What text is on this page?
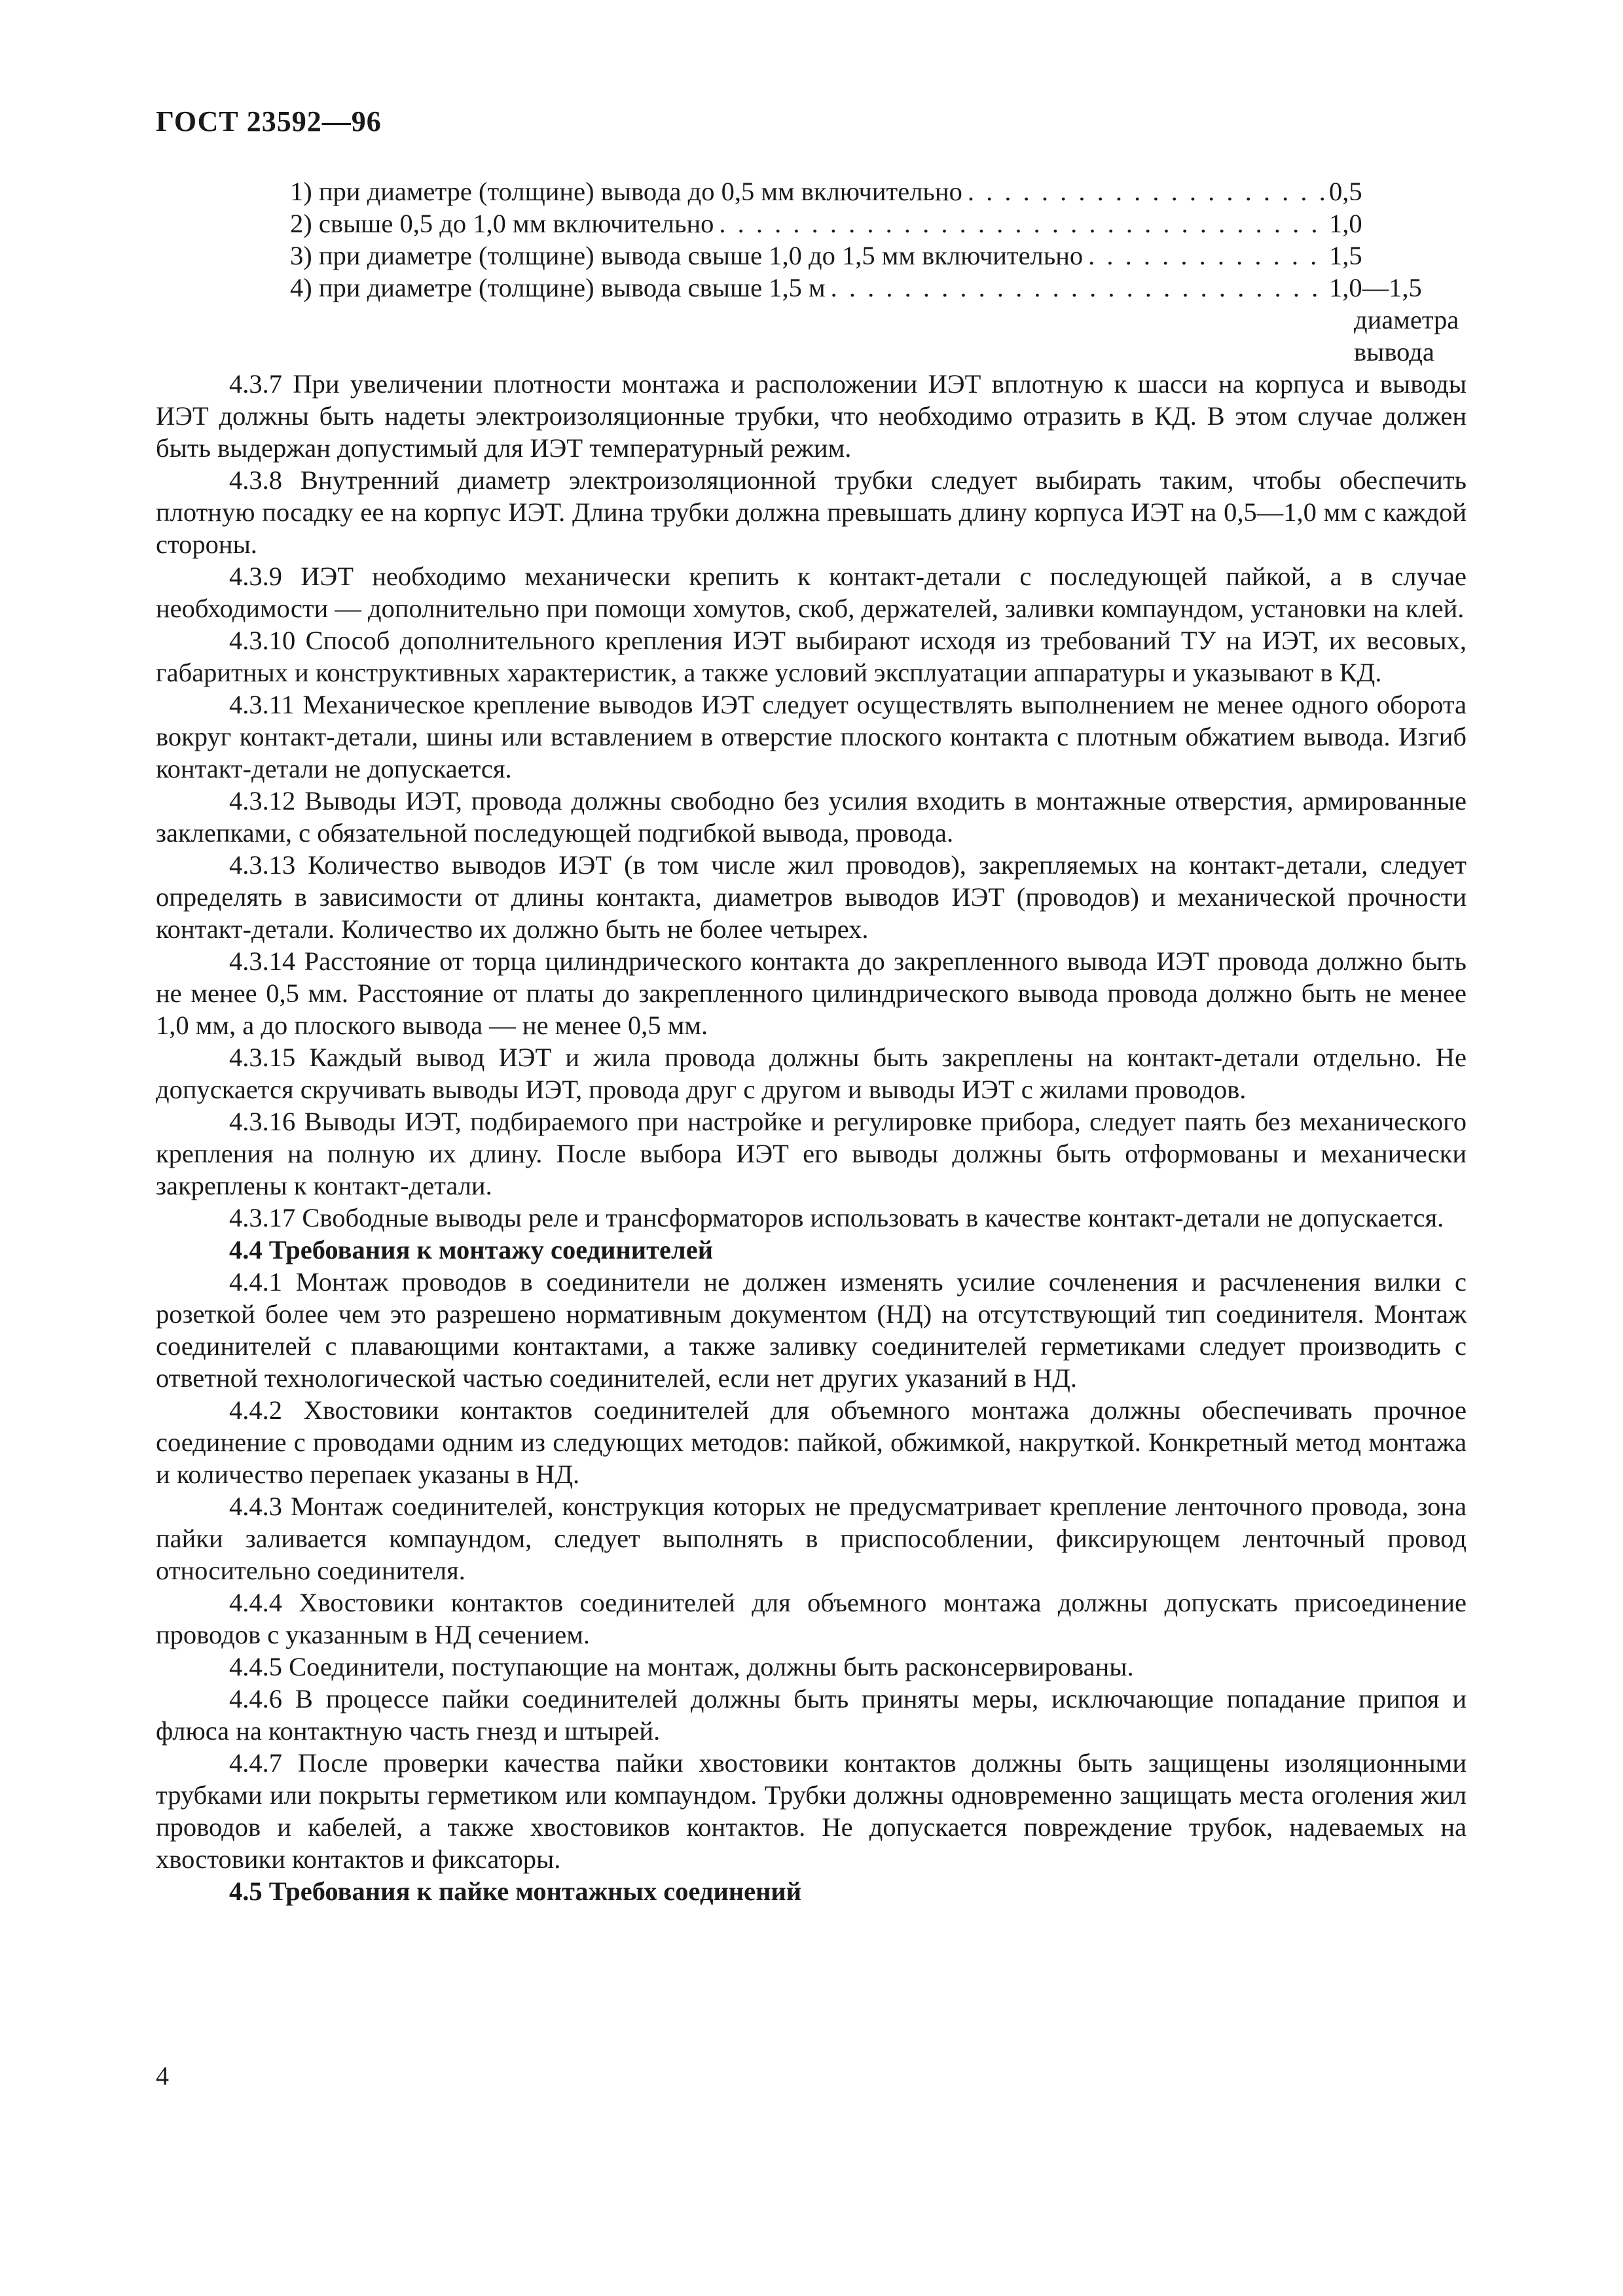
ГОСТ 23592—96
1) при диаметре (толщине) вывода до 0,5 мм включительно . . .	0,5
2) свыше 0,5 до 1,0 мм включительно . . .	1,0
3) при диаметре (толщине) вывода свыше 1,0 до 1,5 мм включительно . . .	1,5
4) при диаметре (толщине) вывода свыше 1,5 м . . .	1,0—1,5
диаметра
вывода

4.3.7 При увеличении плотности монтажа и расположении ИЭТ вплотную к шасси на корпуса и выводы ИЭТ должны быть надеты электроизоляционные трубки, что необходимо отразить в КД. В этом случае должен быть выдержан допустимый для ИЭТ температурный режим.

4.3.8 Внутренний диаметр электроизоляционной трубки следует выбирать таким, чтобы обеспечить плотную посадку ее на корпус ИЭТ. Длина трубки должна превышать длину корпуса ИЭТ на 0,5—1,0 мм с каждой стороны.

4.3.9 ИЭТ необходимо механически крепить к контакт-детали с последующей пайкой, а в случае необходимости — дополнительно при помощи хомутов, скоб, держателей, заливки компаундом, установки на клей.

4.3.10 Способ дополнительного крепления ИЭТ выбирают исходя из требований ТУ на ИЭТ, их весовых, габаритных и конструктивных характеристик, а также условий эксплуатации аппаратуры и указывают в КД.

4.3.11 Механическое крепление выводов ИЭТ следует осуществлять выполнением не менее одного оборота вокруг контакт-детали, шины или вставлением в отверстие плоского контакта с плотным обжатием вывода. Изгиб контакт-детали не допускается.

4.3.12 Выводы ИЭТ, провода должны свободно без усилия входить в монтажные отверстия, армированные заклепками, с обязательной последующей подгибкой вывода, провода.

4.3.13 Количество выводов ИЭТ (в том числе жил проводов), закрепляемых на контакт-детали, следует определять в зависимости от длины контакта, диаметров выводов ИЭТ (проводов) и механической прочности контакт-детали. Количество их должно быть не более четырех.

4.3.14 Расстояние от торца цилиндрического контакта до закрепленного вывода ИЭТ провода должно быть не менее 0,5 мм. Расстояние от платы до закрепленного цилиндрического вывода провода должно быть не менее 1,0 мм, а до плоского вывода — не менее 0,5 мм.

4.3.15 Каждый вывод ИЭТ и жила провода должны быть закреплены на контакт-детали отдельно. Не допускается скручивать выводы ИЭТ, провода друг с другом и выводы ИЭТ с жилами проводов.

4.3.16 Выводы ИЭТ, подбираемого при настройке и регулировке прибора, следует паять без механического крепления на полную их длину. После выбора ИЭТ его выводы должны быть отформованы и механически закреплены к контакт-детали.

4.3.17 Свободные выводы реле и трансформаторов использовать в качестве контакт-детали не допускается.

4.4 Требования к монтажу соединителей

4.4.1 Монтаж проводов в соединители не должен изменять усилие сочленения и расчленения вилки с розеткой более чем это разрешено нормативным документом (НД) на отсутствующий тип соединителя. Монтаж соединителей с плавающими контактами, а также заливку соединителей герметиками следует производить с ответной технологической частью соединителей, если нет других указаний в НД.

4.4.2 Хвостовики контактов соединителей для объемного монтажа должны обеспечивать прочное соединение с проводами одним из следующих методов: пайкой, обжимкой, накруткой. Конкретный метод монтажа и количество перепаек указаны в НД.

4.4.3 Монтаж соединителей, конструкция которых не предусматривает крепление ленточного провода, зона пайки заливается компаундом, следует выполнять в приспособлении, фиксирующем ленточный провод относительно соединителя.

4.4.4 Хвостовики контактов соединителей для объемного монтажа должны допускать присоединение проводов с указанным в НД сечением.

4.4.5 Соединители, поступающие на монтаж, должны быть расконсервированы.

4.4.6 В процессе пайки соединителей должны быть приняты меры, исключающие попадание припоя и флюса на контактную часть гнезд и штырей.

4.4.7 После проверки качества пайки хвостовики контактов должны быть защищены изоляционными трубками или покрыты герметиком или компаундом. Трубки должны одновременно защищать места оголения жил проводов и кабелей, а также хвостовиков контактов. Не допускается повреждение трубок, надеваемых на хвостовики контактов и фиксаторы.

4.5 Требования к пайке монтажных соединений

4
